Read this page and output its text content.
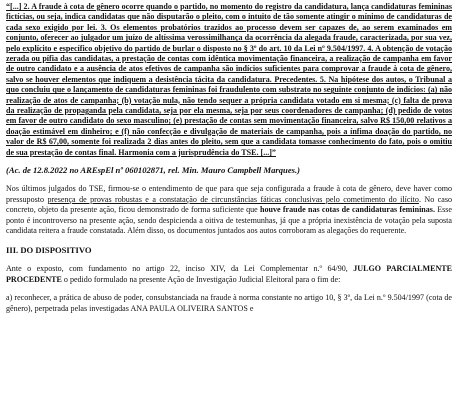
“[...] 2. A fraude à cota de gênero ocorre quando o partido, no momento do registro da candidatura, lança candidaturas femininas fictícias, ou seja, indica candidatas que não disputarão o pleito, com o intuito de tão somente atingir o mínimo de candidaturas de cada sexo exigido por lei. 3. Os elementos probatórios trazidos ao processo devem ser capazes de, ao serem examinados em conjunto, oferecer ao julgador um juízo de altíssima verossimilhança da ocorrência da alegada fraude, caracterizada, por sua vez, pelo explícito e específico objetivo do partido de burlar o disposto no § 3º do art. 10 da Lei nº 9.504/1997. 4. A obtenção de votação zerada ou pífia das candidatas, a prestação de contas com idêntica movimentação financeira, a realização de campanha em favor de outro candidato e a ausência de atos efetivos de campanha são indícios suficientes para comprovar a fraude à cota de gênero, salvo se houver elementos que indiquem a desistência tácita da candidatura. Precedentes. 5. Na hipótese dos autos, o Tribunal a quo concluiu que o lançamento de candidaturas femininas foi fraudulento com substrato no seguinte conjunto de indícios: (a) não realização de atos de campanha; (b) votação nula, não tendo sequer a própria candidata votado em si mesma; (c) falta de prova da realização de propaganda pela candidata, seja por ela mesma, seja por seus coordenadores de campanha; (d) pedido de votos em favor de outro candidato do sexo masculino; (e) prestação de contas sem movimentação financeira, salvo R$ 150,00 relativos a doação estimável em dinheiro; e (f) não confecção e divulgação de materiais de campanha, pois a ínfima doação do partido, no valor de R$ 67,00, somente foi realizada 2 dias antes do pleito, sem que a candidata tomasse conhecimento do fato, pois o omitiu de sua prestação de contas final. Harmonia com a jurisprudência do TSE. [...]”

(Ac. de 12.8.2022 no AREspEl nº 060102871, rel. Min. Mauro Campbell Marques.)

Nos últimos julgados do TSE, firmou-se o entendimento de que para que seja configurada a fraude à cota de gênero, deve haver como pressuposto presença de provas robustas e a constatação de circunstâncias fáticas conclusivas pelo cometimento do ilícito. No caso concreto, objeto da presente ação, ficou demonstrado de forma suficiente que houve fraude nas cotas de candidaturas femininas. Esse ponto é incontroverso na presente ação, sendo despicienda a oitiva de testemunhas, já que a própria inexistência de votação pela suposta candidata reitera a fraude constatada. Além disso, os documentos juntados aos autos corroboram as alegações do requerente.

III. DO DISPOSITIVO

Ante o exposto, com fundamento no artigo 22, inciso XIV, da Lei Complementar n.º 64/90, JULGO PARCIALMENTE PROCEDENTE o pedido formulado na presente Ação de Investigação Judicial Eleitoral para o fim de:

a) reconhecer, a prática de abuso de poder, consubstanciada na fraude à norma constante no artigo 10, § 3º, da Lei n.º 9.504/1997 (cota de gênero), perpetrada pelas investigadas ANA PAULA OLIVEIRA SANTOS e
